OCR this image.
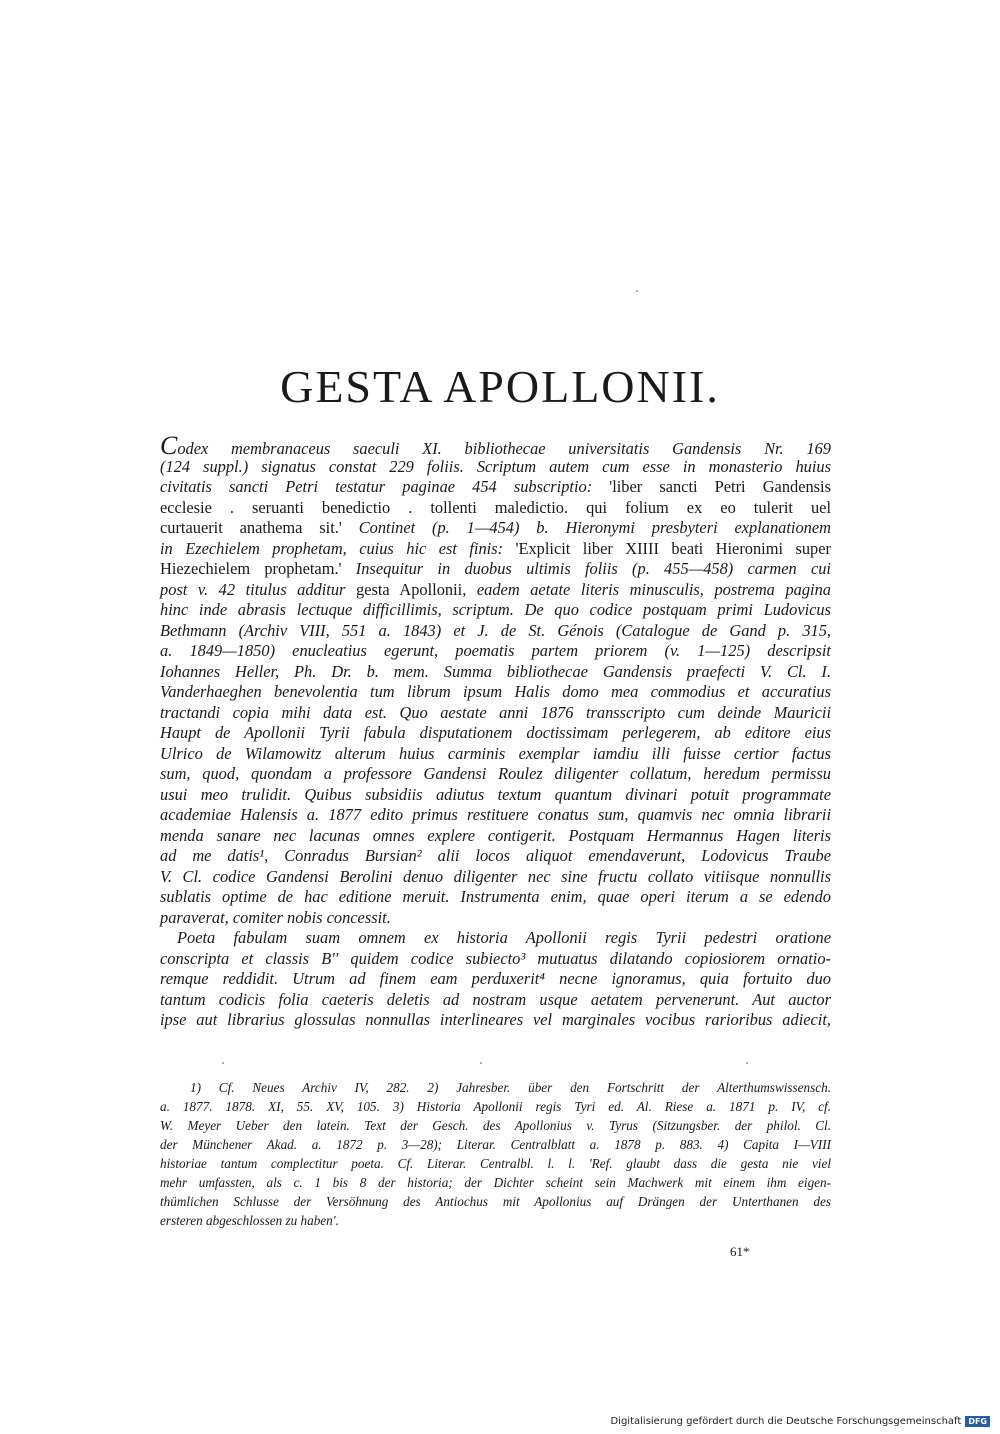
GESTA APOLLONII.
Codex membranaceus saeculi XI. bibliothecae universitatis Gandensis Nr. 169
(124 suppl.) signatus constat 229 foliis. Scriptum autem cum esse in monasterio huius
civitatis sancti Petri testatur paginae 454 subscriptio: 'liber sancti Petri Gandensis
ecclesie . seruanti benedictio . tollenti maledictio. qui folium ex eo tulerit uel
curtauerit anathema sit.' Continet (p. 1—454) b. Hieronymi presbyteri explanationem
in Ezechielem prophetam, cuius hic est finis: 'Explicit liber XIIII beati Hieronimi super
Hiezechielem prophetam.' Insequitur in duobus ultimis foliis (p. 455—458) carmen cui
post v. 42 titulus additur gesta Apollonii, eadem aetate literis minusculis, postrema pagina
hinc inde abrasis lectuque difficillimis, scriptum. De quo codice postquam primi Ludovicus
Bethmann (Archiv VIII, 551 a. 1843) et J. de St. Génois (Catalogue de Gand p. 315,
a. 1849—1850) enucleatius egerunt, poematis partem priorem (v. 1—125) descripsit
Iohannes Heller, Ph. Dr. b. mem. Summa bibliothecae Gandensis praefecti V. Cl. I.
Vanderhaeghen benevolentia tum librum ipsum Halis domo mea commodius et accuratius
tractandi copia mihi data est. Quo aestate anni 1876 transscripto cum deinde Mauricii
Haupt de Apollonii Tyrii fabula disputationem doctissimam perlegerem, ab editore eius
Ulrico de Wilamowitz alterum huius carminis exemplar iamdiu illi fuisse certior factus
sum, quod, quondam a professore Gandensi Roulez diligenter collatum, heredum permissu
usui meo trulidit. Quibus subsidiis adiutus textum quantum divinari potuit programmate
academiae Halensis a. 1877 edito primus restituere conatus sum, quamvis nec omnia librarii
menda sanare nec lacunas omnes explere contigerit. Postquam Hermannus Hagen literis
ad me datis¹, Conradus Bursian² alii locos aliquot emendaverunt, Lodovicus Traube
V. Cl. codice Gandensi Berolini denuo diligenter nec sine fructu collato vitiisque nonnullis
sublatis optime de hac editione meruit. Instrumenta enim, quae operi iterum a se edendo
paraverat, comiter nobis concessit.
Poeta fabulam suam omnem ex historia Apollonii regis Tyrii pedestri oratione
conscripta et classis B'' quidem codice subiecto³ mutuatus dilatando copiosiorem ornatio-
remque reddidit. Utrum ad finem eam perduxerit⁴ necne ignoramus, quia fortuito duo
tantum codicis folia caeteris deletis ad nostram usque aetatem pervenerunt. Aut auctor
ipse aut librarius glossulas nonnullas interlineares vel marginales vocibus rarioribus adiecit,
1) Cf. Neues Archiv IV, 282. 2) Jahresber. über den Fortschritt der Alterthumswissensch.
a. 1877. 1878. XI, 55. XV, 105. 3) Historia Apollonii regis Tyri ed. Al. Riese a. 1871 p. IV, cf.
W. Meyer Ueber den latein. Text der Gesch. des Apollonius v. Tyrus (Sitzungsber. der philol. Cl.
der Münchener Akad. a. 1872 p. 3—28); Literar. Centralblatt a. 1878 p. 883. 4) Capita I—VIII
historiae tantum complectitur poeta. Cf. Literar. Centralbl. l. l. 'Ref. glaubt dass die gesta nie viel
mehr umfassten, als c. 1 bis 8 der historia; der Dichter scheint sein Machwerk mit einem ihm eigen-
thümlichen Schlusse der Versöhnung des Antiochus mit Apollonius auf Drängen der Unterthanen des
ersteren abgeschlossen zu haben'.
61*
Digitalisierung gefördert durch die Deutsche Forschungsgemeinschaft DFG
